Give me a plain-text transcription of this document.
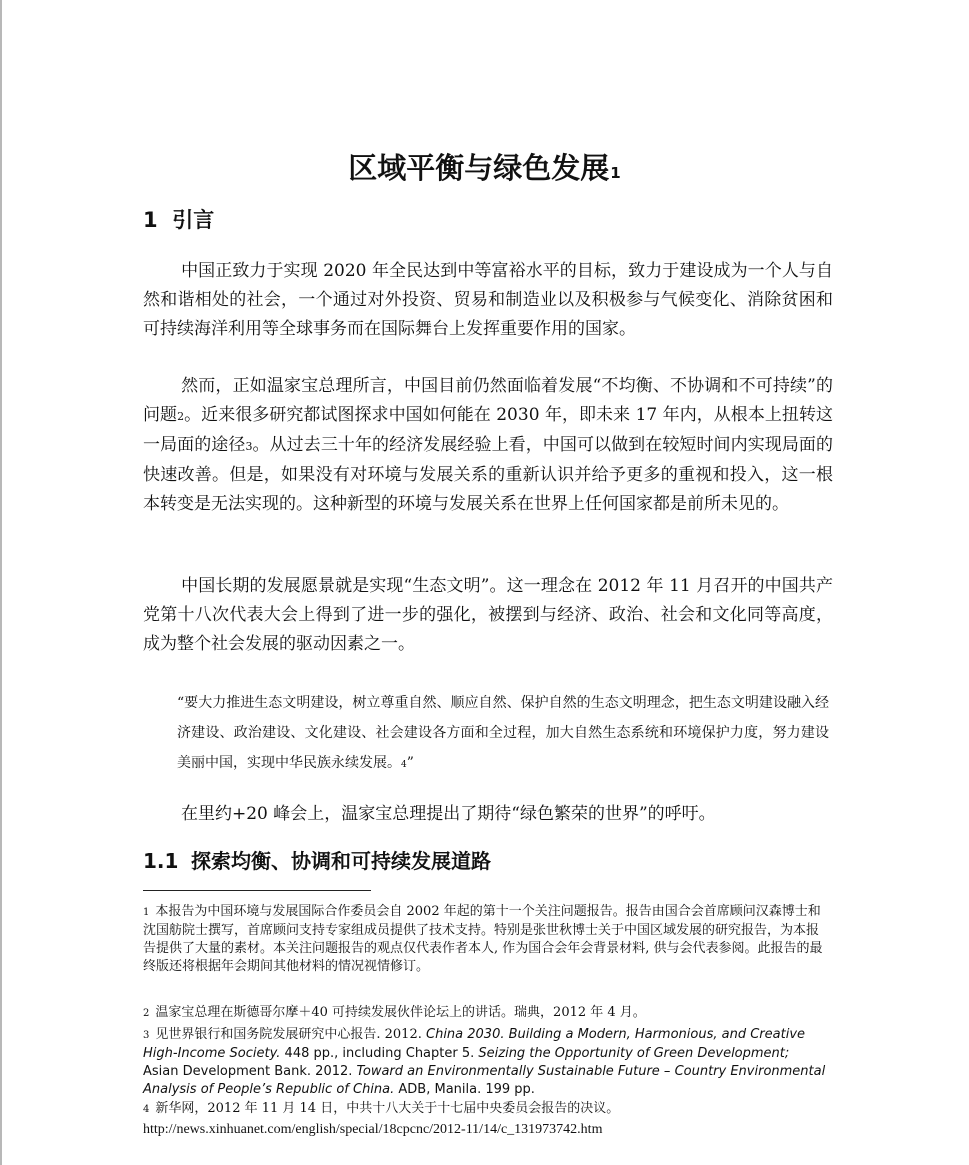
区域平衡与绿色发展1
1 引言
中国正致力于实现 2020 年全民达到中等富裕水平的目标，致力于建设成为一个人与自然和谐相处的社会，一个通过对外投资、贸易和制造业以及积极参与气候变化、消除贫困和可持续海洋利用等全球事务而在国际舞台上发挥重要作用的国家。
然而，正如温家宝总理所言，中国目前仍然面临着发展“不均衡、不协调和不可持续”的问题2。近来很多研究都试图探求中国如何能在 2030 年，即未来 17 年内，从根本上扭转这一局面的途径3。从过去三十年的经济发展经验上看，中国可以做到在较短时间内实现局面的快速改善。但是，如果没有对环境与发展关系的重新认识并给予更多的重视和投入，这一根本转变是无法实现的。这种新型的环境与发展关系在世界上任何国家都是前所未见的。
中国长期的发展愿景就是实现“生态文明”。这一理念在 2012 年 11 月召开的中国共产党第十八次代表大会上得到了进一步的强化，被摆到与经济、政治、社会和文化同等高度，成为整个社会发展的驱动因素之一。
“要大力推进生态文明建设，树立尊重自然、顺应自然、保护自然的生态文明理念，把生态文明建设融入经济建设、政治建设、文化建设、社会建设各方面和全过程，加大自然生态系统和环境保护力度，努力建设美丽中国，实现中华民族永续发展。4”
在里约+20 峰会上，温家宝总理提出了期待“绿色繁荣的世界”的呼吁。
1.1 探索均衡、协调和可持续发展道路
1 本报告为中国环境与发展国际合作委员会自 2002 年起的第十一个关注问题报告。报告由国合会首席顾问汉森博士和沈国舫院士撰写，首席顾问支持专家组成员提供了技术支持。特别是张世秋博士关于中国区域发展的研究报告，为本报告提供了大量的素材。本关注问题报告的观点仅代表作者本人, 作为国合会年会背景材料, 供与会代表参阅。此报告的最终版还将根据年会期间其他材料的情况视情修订。
2 温家宝总理在斯德哥尔摩＋40 可持续发展伙伴论坛上的讲话。瑞典，2012 年 4 月。
3 见世界银行和国务院发展研究中心报告. 2012. China 2030. Building a Modern, Harmonious, and Creative High-Income Society. 448 pp., including Chapter 5. Seizing the Opportunity of Green Development; Asian Development Bank. 2012. Toward an Environmentally Sustainable Future – Country Environmental Analysis of People’s Republic of China. ADB, Manila. 199 pp.
4 新华网，2012 年 11 月 14 日，中共十八大关于十七届中央委员会报告的决议。
http://news.xinhuanet.com/english/special/18cpcnc/2012-11/14/c_131973742.htm
